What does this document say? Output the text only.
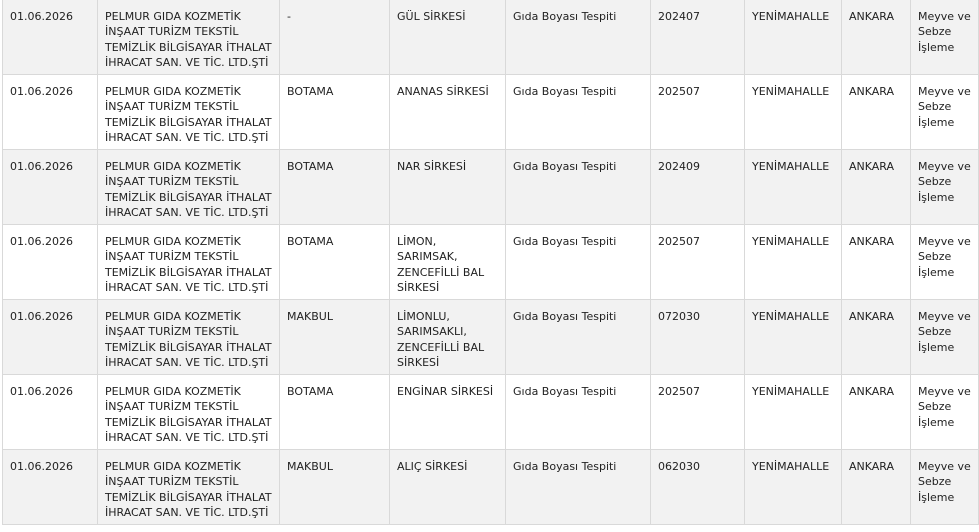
01.06.2026	PELMUR GIDA KOZMETİK İNŞAAT TURİZM TEKSTİL TEMİZLİK BİLGİSAYAR İTHALAT İHRACAT SAN. VE TİC. LTD.ŞTİ	-	GÜL SİRKESİ	Gıda Boyası Tespiti	202407	YENİMAHALLE	ANKARA	Meyve ve Sebze İşleme
01.06.2026	PELMUR GIDA KOZMETİK İNŞAAT TURİZM TEKSTİL TEMİZLİK BİLGİSAYAR İTHALAT İHRACAT SAN. VE TİC. LTD.ŞTİ	BOTAMA	ANANAS SİRKESİ	Gıda Boyası Tespiti	202507	YENİMAHALLE	ANKARA	Meyve ve Sebze İşleme
01.06.2026	PELMUR GIDA KOZMETİK İNŞAAT TURİZM TEKSTİL TEMİZLİK BİLGİSAYAR İTHALAT İHRACAT SAN. VE TİC. LTD.ŞTİ	BOTAMA	NAR SİRKESİ	Gıda Boyası Tespiti	202409	YENİMAHALLE	ANKARA	Meyve ve Sebze İşleme
01.06.2026	PELMUR GIDA KOZMETİK İNŞAAT TURİZM TEKSTİL TEMİZLİK BİLGİSAYAR İTHALAT İHRACAT SAN. VE TİC. LTD.ŞTİ	BOTAMA	LİMON, SARIMSAK, ZENCEFİLLİ BAL SİRKESİ	Gıda Boyası Tespiti	202507	YENİMAHALLE	ANKARA	Meyve ve Sebze İşleme
01.06.2026	PELMUR GIDA KOZMETİK İNŞAAT TURİZM TEKSTİL TEMİZLİK BİLGİSAYAR İTHALAT İHRACAT SAN. VE TİC. LTD.ŞTİ	MAKBUL	LİMONLU, SARIMSAKLI, ZENCEFİLLİ BAL SİRKESİ	Gıda Boyası Tespiti	072030	YENİMAHALLE	ANKARA	Meyve ve Sebze İşleme
01.06.2026	PELMUR GIDA KOZMETİK İNŞAAT TURİZM TEKSTİL TEMİZLİK BİLGİSAYAR İTHALAT İHRACAT SAN. VE TİC. LTD.ŞTİ	BOTAMA	ENGİNAR SİRKESİ	Gıda Boyası Tespiti	202507	YENİMAHALLE	ANKARA	Meyve ve Sebze İşleme
01.06.2026	PELMUR GIDA KOZMETİK İNŞAAT TURİZM TEKSTİL TEMİZLİK BİLGİSAYAR İTHALAT İHRACAT SAN. VE TİC. LTD.ŞTİ	MAKBUL	ALIÇ SİRKESİ	Gıda Boyası Tespiti	062030	YENİMAHALLE	ANKARA	Meyve ve Sebze İşleme
